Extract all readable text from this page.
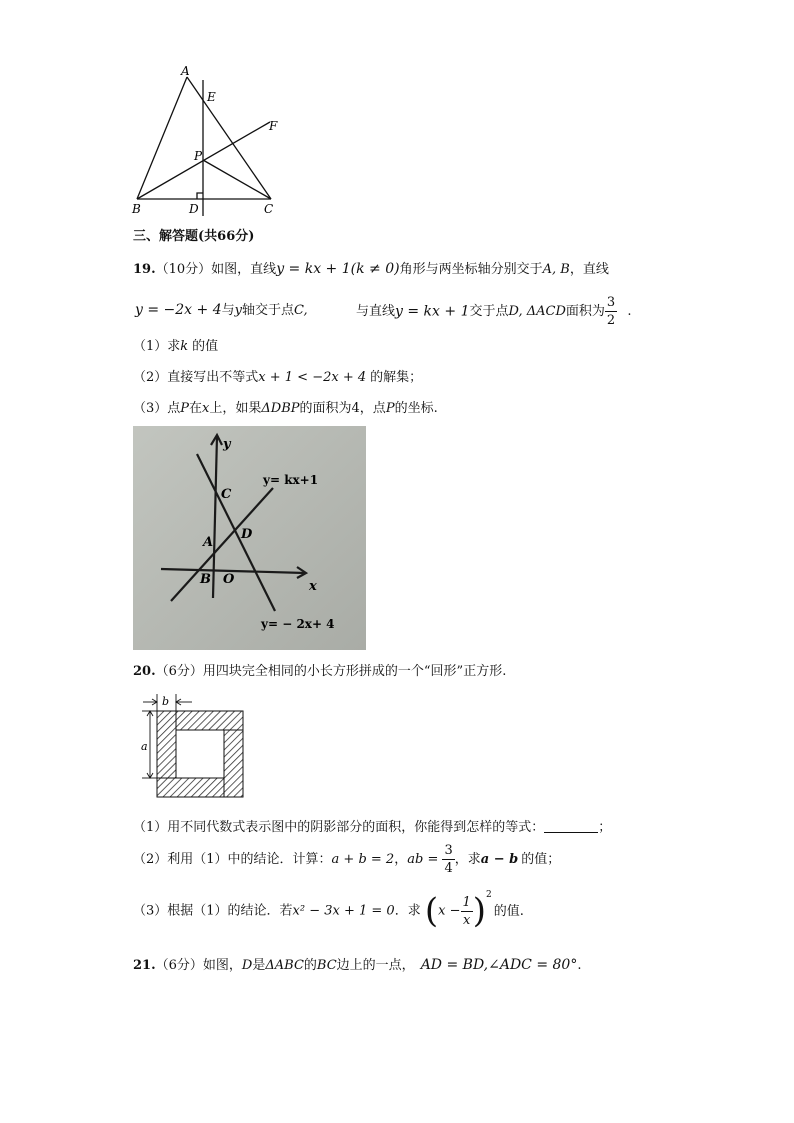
A
E
F
P
B	D	C
三、解答题(共66分)
19.（10分）如图，直线y = kx + 1(k ≠ 0)角形与两坐标轴分别交于A, B，直线
y = −2x + 4与y轴交于点C,	与直线y = kx + 1交于点D, ΔACD面积为 $\frac{3}{2}$ .
（1）求k 的值
（2）直接写出不等式x + 1 < −2x + 4 的解集；
（3）点P在x上，如果ΔDBP的面积为4，点P的坐标.
y
x
C
D
A
B O
y= kx+1
y= − 2x+ 4
20.（6分）用四块完全相同的小长方形拼成的一个“回形”正方形.
b
a
（1）用不同代数式表示图中的阴影部分的面积，你能得到怎样的等式：	；
（2）利用（1）中的结论．计算：a + b = 2，ab = $\frac{3}{4}$ ，求a − b 的值；
（3）根据（1）的结论．若x² − 3x + 1 = 0．求 $(x - \frac{1}{x} )^2$的值.
21.（6分）如图，D是ΔABC的BC边上的一点， AD = BD,∠ADC = 80°.
